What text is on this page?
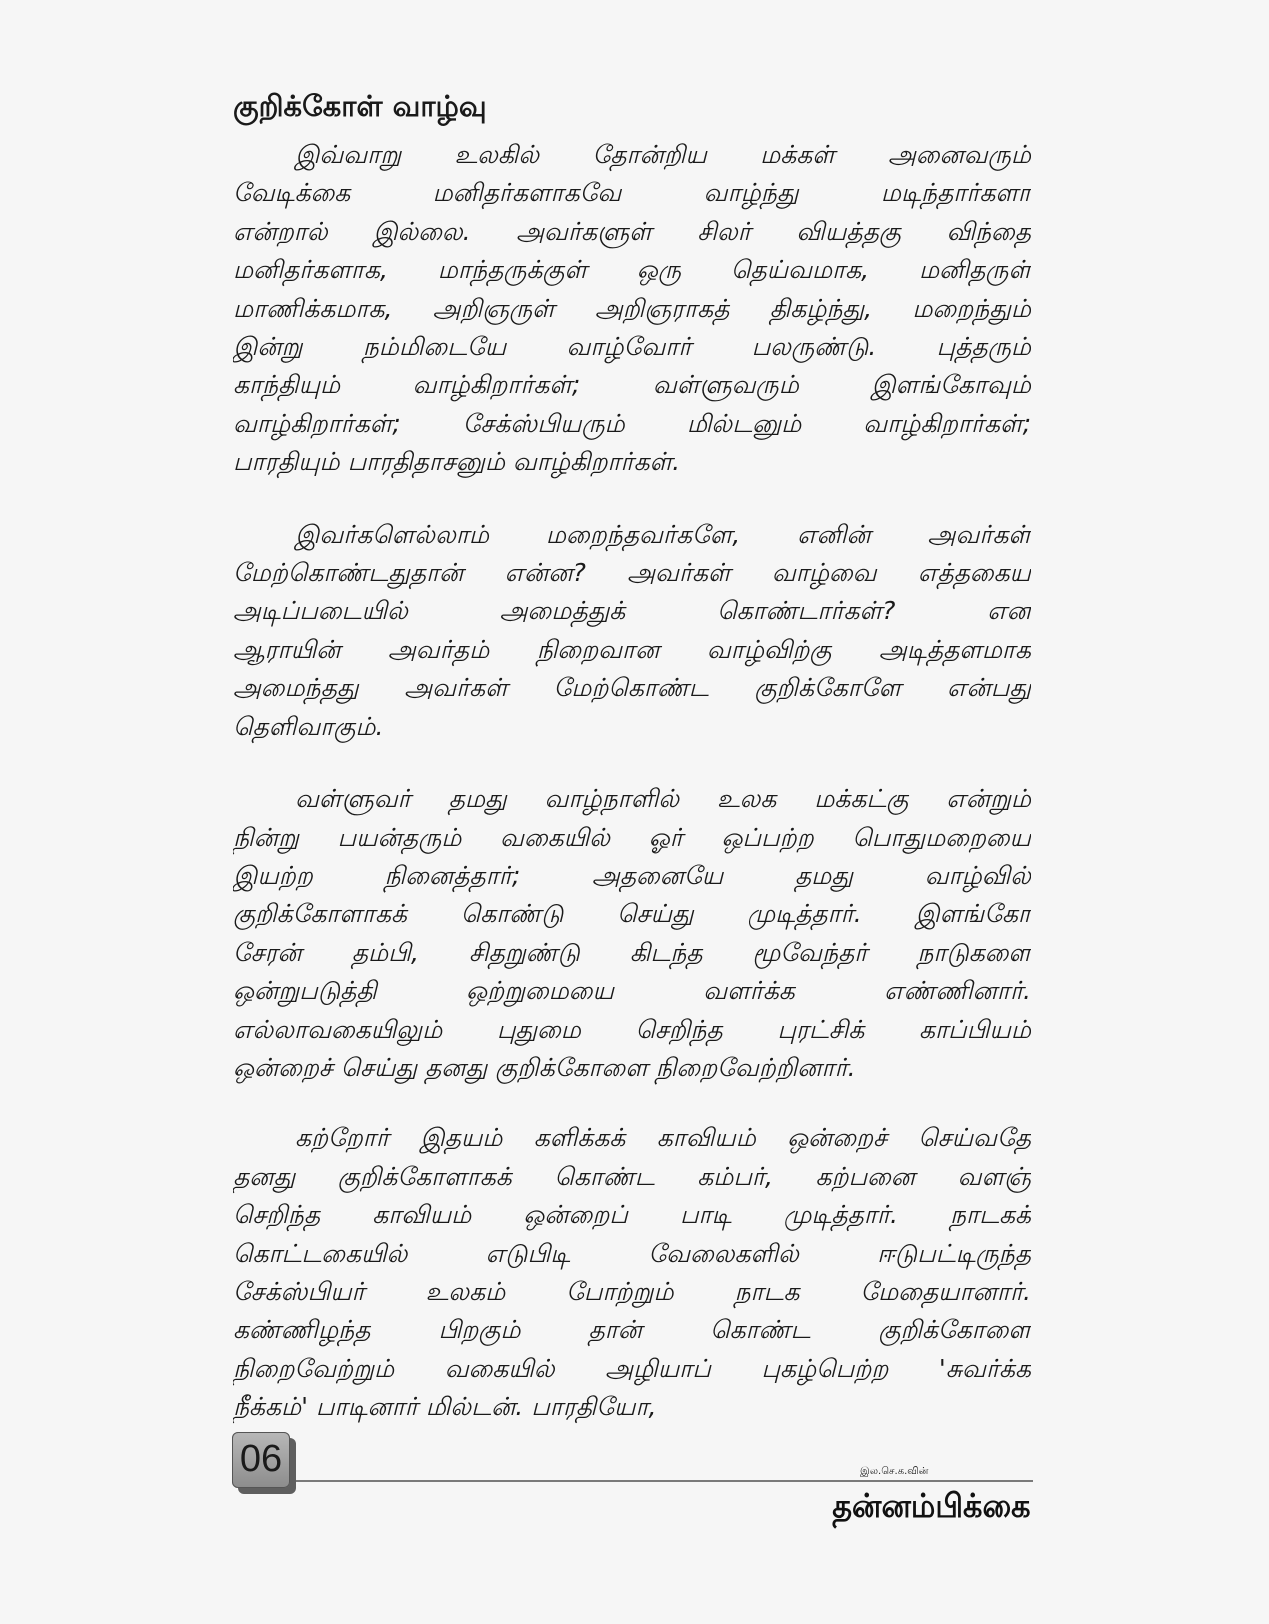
குறிக்கோள் வாழ்வு

இவ்வாறு உலகில் தோன்றிய மக்கள் அனைவரும்
வேடிக்கை மனிதர்களாகவே வாழ்ந்து மடிந்தார்களா
என்றால் இல்லை. அவர்களுள் சிலர் வியத்தகு விந்தை
மனிதர்களாக, மாந்தருக்குள் ஒரு தெய்வமாக, மனிதருள்
மாணிக்கமாக, அறிஞருள் அறிஞராகத் திகழ்ந்து, மறைந்தும்
இன்று நம்மிடையே வாழ்வோர் பலருண்டு. புத்தரும்
காந்தியும் வாழ்கிறார்கள்; வள்ளுவரும் இளங்கோவும்
வாழ்கிறார்கள்; சேக்ஸ்பியரும் மில்டனும் வாழ்கிறார்கள்;
பாரதியும் பாரதிதாசனும் வாழ்கிறார்கள்.

இவர்களெல்லாம் மறைந்தவர்களே, எனின் அவர்கள்
மேற்கொண்டதுதான் என்ன? அவர்கள் வாழ்வை எத்தகைய
அடிப்படையில் அமைத்துக் கொண்டார்கள்? என
ஆராயின் அவர்தம் நிறைவான வாழ்விற்கு அடித்தளமாக
அமைந்தது அவர்கள் மேற்கொண்ட குறிக்கோளே என்பது
தெளிவாகும்.

வள்ளுவர் தமது வாழ்நாளில் உலக மக்கட்கு என்றும்
நின்று பயன்தரும் வகையில் ஓர் ஒப்பற்ற பொதுமறையை
இயற்ற நினைத்தார்; அதனையே தமது வாழ்வில்
குறிக்கோளாகக் கொண்டு செய்து முடித்தார். இளங்கோ
சேரன் தம்பி, சிதறுண்டு கிடந்த மூவேந்தர் நாடுகளை
ஒன்றுபடுத்தி ஒற்றுமையை வளர்க்க எண்ணினார்.
எல்லாவகையிலும் புதுமை செறிந்த புரட்சிக் காப்பியம்
ஒன்றைச் செய்து தனது குறிக்கோளை நிறைவேற்றினார்.

கற்றோர் இதயம் களிக்கக் காவியம் ஒன்றைச் செய்வதே
தனது குறிக்கோளாகக் கொண்ட கம்பர், கற்பனை வளஞ்
செறிந்த காவியம் ஒன்றைப் பாடி முடித்தார். நாடகக்
கொட்டகையில் எடுபிடி வேலைகளில் ஈடுபட்டிருந்த
சேக்ஸ்பியர் உலகம் போற்றும் நாடக மேதையானார்.
கண்ணிழந்த பிறகும் தான் கொண்ட குறிக்கோளை
நிறைவேற்றும் வகையில் அழியாப் புகழ்பெற்ற 'சுவர்க்க
நீக்கம்' பாடினார் மில்டன். பாரதியோ,

06	இல.செ.க.வின்
தன்னம்பிக்கை
